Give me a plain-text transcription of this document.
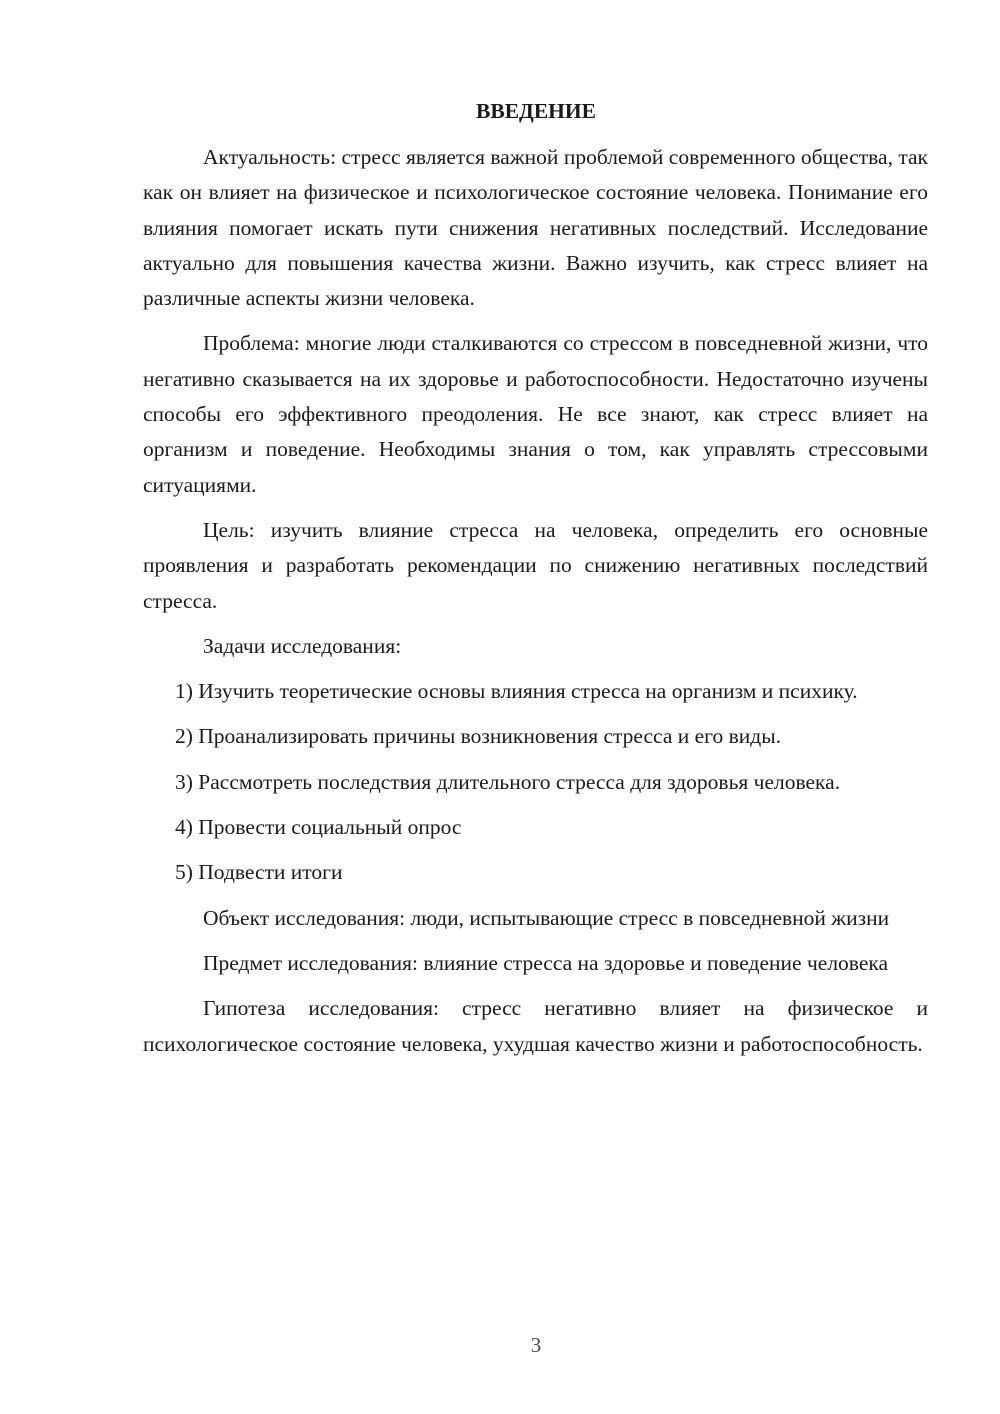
ВВЕДЕНИЕ

Актуальность: стресс является важной проблемой современного общества, так как он влияет на физическое и психологическое состояние человека. Понимание его влияния помогает искать пути снижения негативных последствий. Исследование актуально для повышения качества жизни. Важно изучить, как стресс влияет на различные аспекты жизни человека.

Проблема: многие люди сталкиваются со стрессом в повседневной жизни, что негативно сказывается на их здоровье и работоспособности. Недостаточно изучены способы его эффективного преодоления. Не все знают, как стресс влияет на организм и поведение. Необходимы знания о том, как управлять стрессовыми ситуациями.

Цель: изучить влияние стресса на человека, определить его основные проявления и разработать рекомендации по снижению негативных последствий стресса.

Задачи исследования:

1) Изучить теоретические основы влияния стресса на организм и психику.

2) Проанализировать причины возникновения стресса и его виды.

3) Рассмотреть последствия длительного стресса для здоровья человека.

4) Провести социальный опрос

5) Подвести итоги

Объект исследования: люди, испытывающие стресс в повседневной жизни

Предмет исследования: влияние стресса на здоровье и поведение человека

Гипотеза исследования: стресс негативно влияет на физическое и психологическое состояние человека, ухудшая качество жизни и работоспособность.

3
